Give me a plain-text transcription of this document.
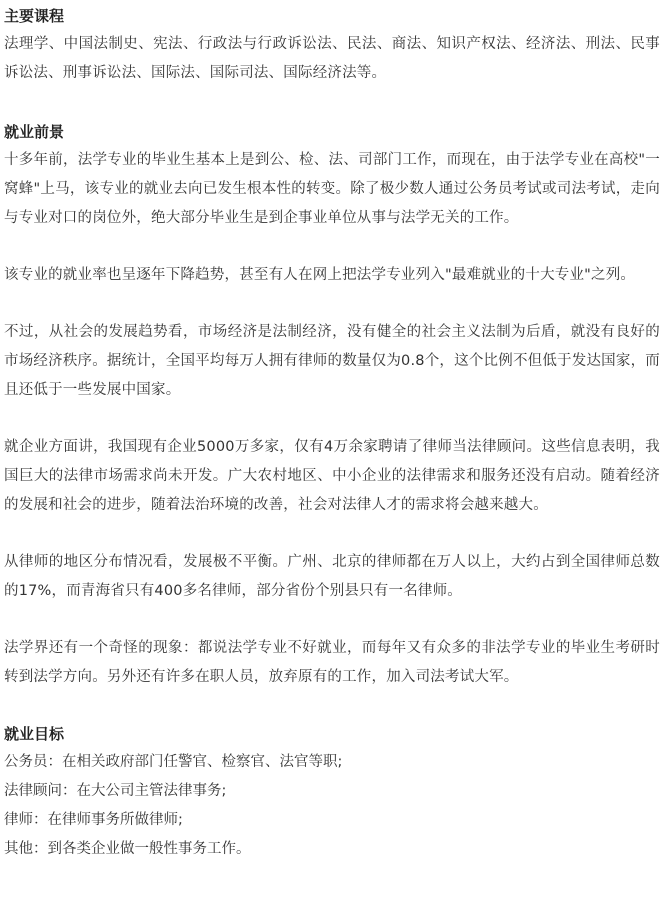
主要课程

法理学、中国法制史、宪法、行政法与行政诉讼法、民法、商法、知识产权法、经济法、刑法、民事诉讼法、刑事诉讼法、国际法、国际司法、国际经济法等。

就业前景

十多年前，法学专业的毕业生基本上是到公、检、法、司部门工作，而现在，由于法学专业在高校"一窝蜂"上马，该专业的就业去向已发生根本性的转变。除了极少数人通过公务员考试或司法考试，走向与专业对口的岗位外，绝大部分毕业生是到企事业单位从事与法学无关的工作。

该专业的就业率也呈逐年下降趋势，甚至有人在网上把法学专业列入"最难就业的十大专业"之列。

不过，从社会的发展趋势看，市场经济是法制经济，没有健全的社会主义法制为后盾，就没有良好的市场经济秩序。据统计，全国平均每万人拥有律师的数量仅为0.8个，这个比例不但低于发达国家，而且还低于一些发展中国家。

就企业方面讲，我国现有企业5000万多家，仅有4万余家聘请了律师当法律顾问。这些信息表明，我国巨大的法律市场需求尚未开发。广大农村地区、中小企业的法律需求和服务还没有启动。随着经济的发展和社会的进步，随着法治环境的改善，社会对法律人才的需求将会越来越大。

从律师的地区分布情况看，发展极不平衡。广州、北京的律师都在万人以上，大约占到全国律师总数的17%，而青海省只有400多名律师，部分省份个别县只有一名律师。

法学界还有一个奇怪的现象：都说法学专业不好就业，而每年又有众多的非法学专业的毕业生考研时转到法学方向。另外还有许多在职人员，放弃原有的工作，加入司法考试大军。

就业目标

公务员：在相关政府部门任警官、检察官、法官等职;

法律顾问：在大公司主管法律事务;

律师：在律师事务所做律师;

其他：到各类企业做一般性事务工作。
